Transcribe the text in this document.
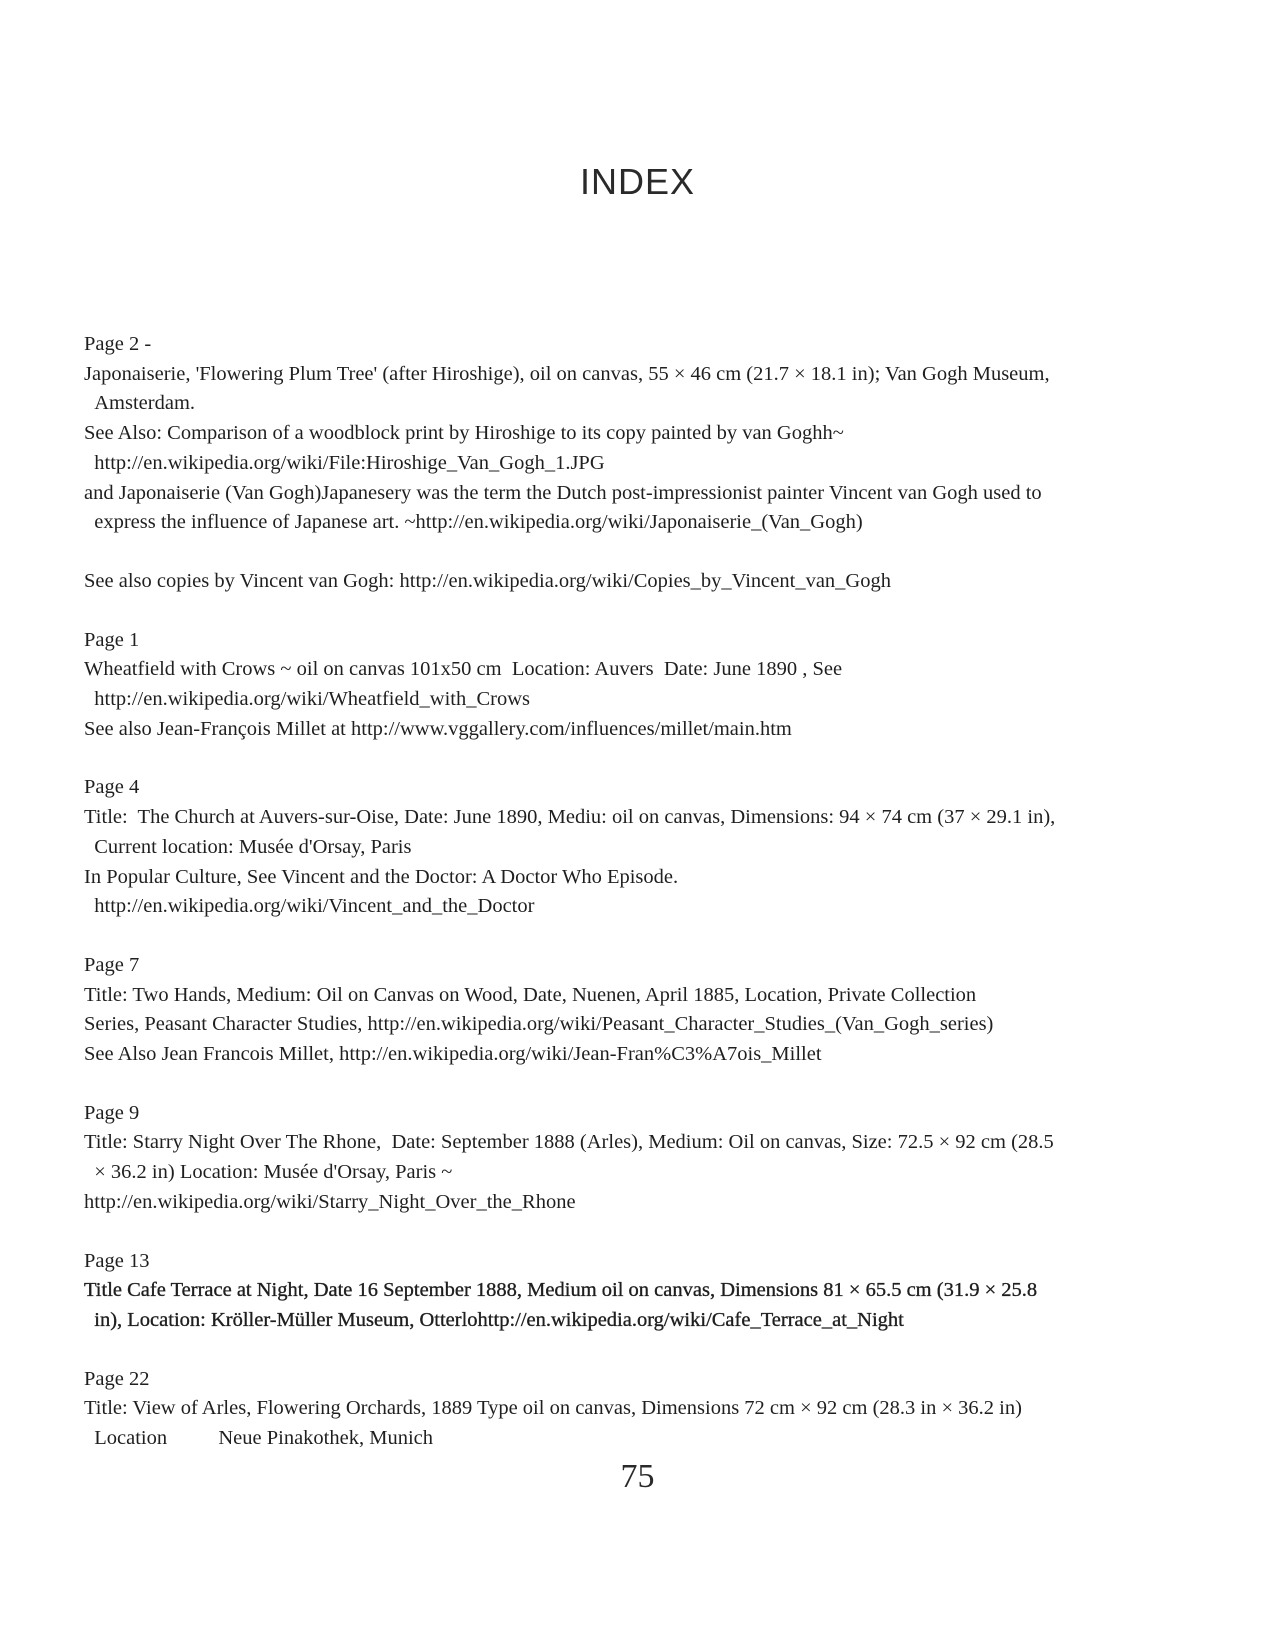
INDEX
Page 2 -
Japonaiserie, 'Flowering Plum Tree' (after Hiroshige), oil on canvas, 55 × 46 cm (21.7 × 18.1 in); Van Gogh Museum,
Amsterdam.
See Also: Comparison of a woodblock print by Hiroshige to its copy painted by van Goghh~
http://en.wikipedia.org/wiki/File:Hiroshige_Van_Gogh_1.JPG
and Japonaiserie (Van Gogh)Japanesery was the term the Dutch post-impressionist painter Vincent van Gogh used to
express the influence of Japanese art. ~http://en.wikipedia.org/wiki/Japonaiserie_(Van_Gogh)
See also copies by Vincent van Gogh: http://en.wikipedia.org/wiki/Copies_by_Vincent_van_Gogh
Page 1
Wheatfield with Crows ~ oil on canvas 101x50 cm  Location: Auvers  Date: June 1890 , See
http://en.wikipedia.org/wiki/Wheatfield_with_Crows
See also Jean-François Millet at http://www.vggallery.com/influences/millet/main.htm
Page 4
Title:  The Church at Auvers-sur-Oise, Date: June 1890, Mediu: oil on canvas, Dimensions: 94 × 74 cm (37 × 29.1 in),
Current location: Musée d'Orsay, Paris
In Popular Culture, See Vincent and the Doctor: A Doctor Who Episode.
http://en.wikipedia.org/wiki/Vincent_and_the_Doctor
Page 7
Title: Two Hands, Medium: Oil on Canvas on Wood, Date, Nuenen, April 1885, Location, Private Collection
Series, Peasant Character Studies, http://en.wikipedia.org/wiki/Peasant_Character_Studies_(Van_Gogh_series)
See Also Jean Francois Millet, http://en.wikipedia.org/wiki/Jean-Fran%C3%A7ois_Millet
Page 9
Title: Starry Night Over The Rhone,  Date: September 1888 (Arles), Medium: Oil on canvas, Size: 72.5 × 92 cm (28.5
× 36.2 in) Location: Musée d'Orsay, Paris ~
http://en.wikipedia.org/wiki/Starry_Night_Over_the_Rhone
Page 13
Title Cafe Terrace at Night, Date 16 September 1888, Medium oil on canvas, Dimensions 81 × 65.5 cm (31.9 × 25.8
in), Location: Kröller-Müller Museum, Otterlohttp://en.wikipedia.org/wiki/Cafe_Terrace_at_Night
Page 22
Title: View of Arles, Flowering Orchards, 1889 Type oil on canvas, Dimensions 72 cm × 92 cm (28.3 in × 36.2 in)
Location          Neue Pinakothek, Munich
75
